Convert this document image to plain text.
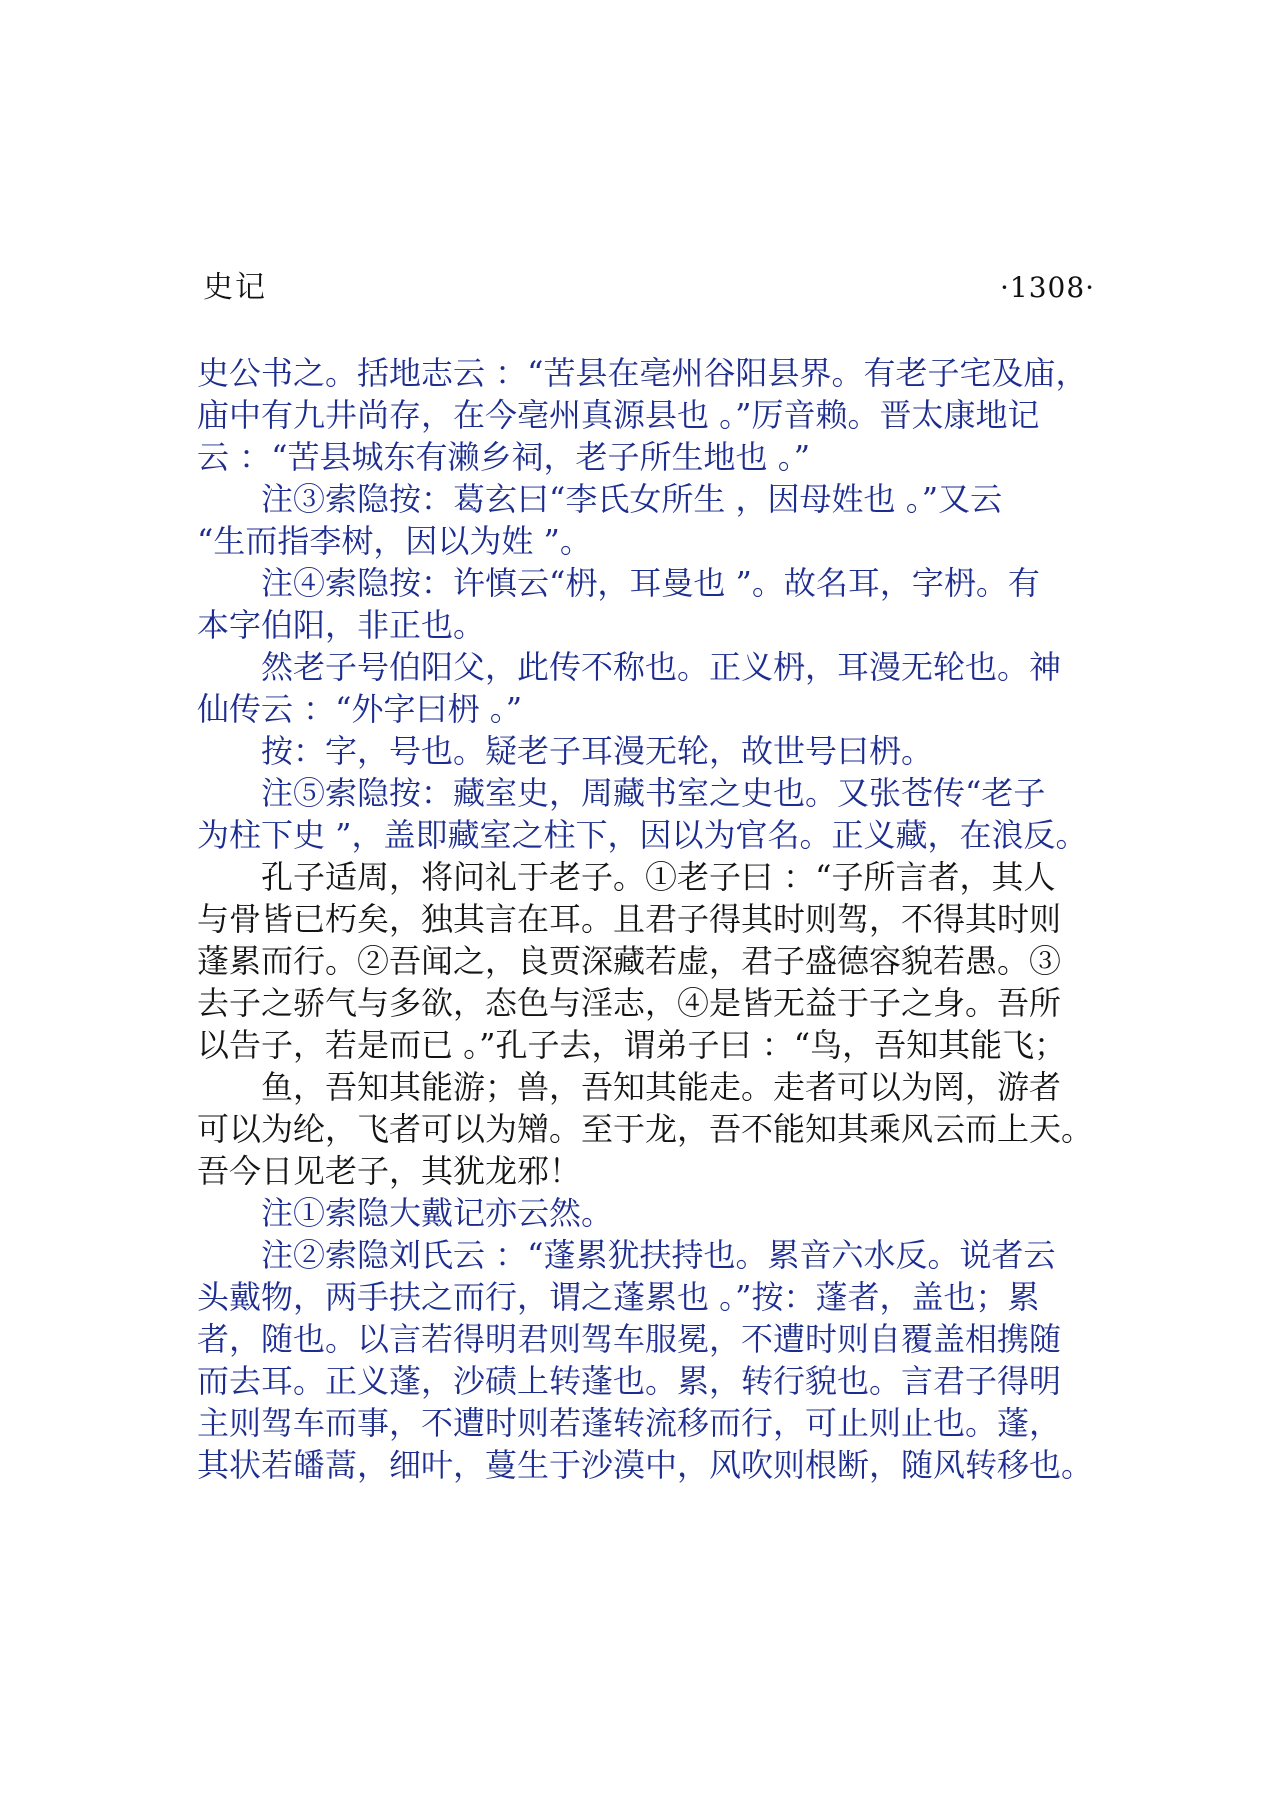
史记	·1308·
史公书之。括地志云 ：“苦县在亳州谷阳县界。有老子宅及庙，
庙中有九井尚存，在今亳州真源县也 。”厉音赖。晋太康地记
云 ：“苦县城东有濑乡祠，老子所生地也 。”
注③索隐按：葛玄曰“李氏女所生 ，因母姓也 。”又云
“生而指李树，因以为姓 ”。
注④索隐按：许慎云“枬，耳曼也 ”。故名耳，字枬。有
本字伯阳，非正也。
然老子号伯阳父，此传不称也。正义枬，耳漫无轮也。神
仙传云 ：“外字曰枬 。”
按：字，号也。疑老子耳漫无轮，故世号曰枬。
注⑤索隐按：藏室史，周藏书室之史也。又张苍传“老子
为柱下史 ”，盖即藏室之柱下，因以为官名。正义藏，在浪反。
孔子适周，将问礼于老子。①老子曰 ：“子所言者，其人
与骨皆已朽矣，独其言在耳。且君子得其时则驾，不得其时则
蓬累而行。②吾闻之，良贾深藏若虚，君子盛德容貌若愚。③
去子之骄气与多欲，态色与淫志，④是皆无益于子之身。吾所
以告子，若是而已 。”孔子去，谓弟子曰 ：“鸟，吾知其能飞；
鱼，吾知其能游；兽，吾知其能走。走者可以为罔，游者
可以为纶，飞者可以为矰。至于龙，吾不能知其乘风云而上天。
吾今日见老子，其犹龙邪！
注①索隐大戴记亦云然。
注②索隐刘氏云 ：“蓬累犹扶持也。累音六水反。说者云
头戴物，两手扶之而行，谓之蓬累也 。”按：蓬者，盖也；累
者，随也。以言若得明君则驾车服冕，不遭时则自覆盖相携随
而去耳。正义蓬，沙碛上转蓬也。累，转行貌也。言君子得明
主则驾车而事，不遭时则若蓬转流移而行，可止则止也。蓬，
其状若皤蒿，细叶，蔓生于沙漠中，风吹则根断，随风转移也。
